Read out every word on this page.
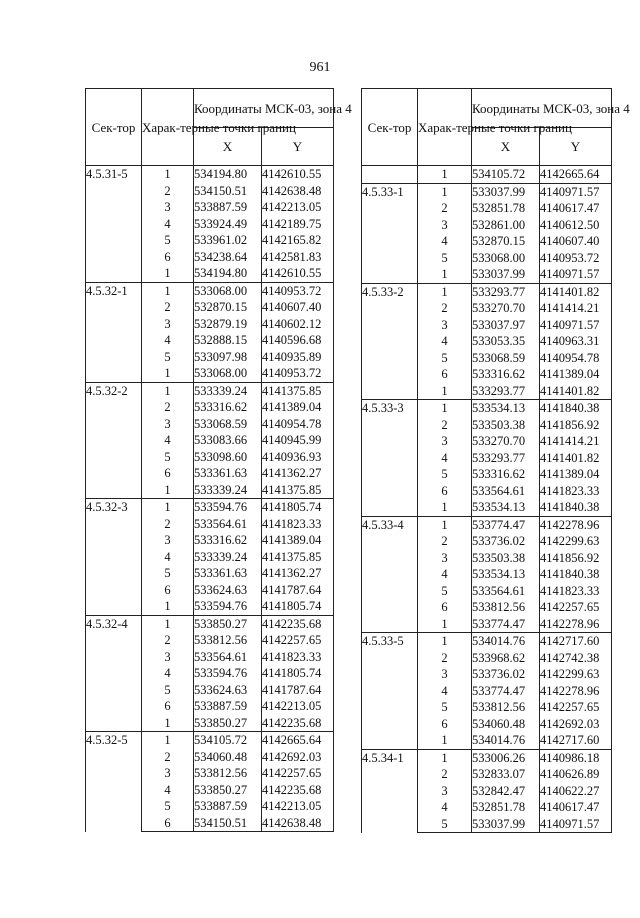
961
Сек-тор	Харак-терные точки границ	Координаты МСК-03, зона 4	
		X	Y
4.5.31-5	1	534194.80	4142610.55
	2	534150.51	4142638.48
	3	533887.59	4142213.05
	4	533924.49	4142189.75
	5	533961.02	4142165.82
	6	534238.64	4142581.83
	1	534194.80	4142610.55
4.5.32-1	1	533068.00	4140953.72
	2	532870.15	4140607.40
	3	532879.19	4140602.12
	4	532888.15	4140596.68
	5	533097.98	4140935.89
	1	533068.00	4140953.72
4.5.32-2	1	533339.24	4141375.85
	2	533316.62	4141389.04
	3	533068.59	4140954.78
	4	533083.66	4140945.99
	5	533098.60	4140936.93
	6	533361.63	4141362.27
	1	533339.24	4141375.85
4.5.32-3	1	533594.76	4141805.74
	2	533564.61	4141823.33
	3	533316.62	4141389.04
	4	533339.24	4141375.85
	5	533361.63	4141362.27
	6	533624.63	4141787.64
	1	533594.76	4141805.74
4.5.32-4	1	533850.27	4142235.68
	2	533812.56	4142257.65
	3	533564.61	4141823.33
	4	533594.76	4141805.74
	5	533624.63	4141787.64
	6	533887.59	4142213.05
	1	533850.27	4142235.68
4.5.32-5	1	534105.72	4142665.64
	2	534060.48	4142692.03
	3	533812.56	4142257.65
	4	533850.27	4142235.68
	5	533887.59	4142213.05
	6	534150.51	4142638.48
Сек-тор	Харак-терные точки границ	Координаты МСК-03, зона 4	
		X	Y
	1	534105.72	4142665.64
4.5.33-1	1	533037.99	4140971.57
	2	532851.78	4140617.47
	3	532861.00	4140612.50
	4	532870.15	4140607.40
	5	533068.00	4140953.72
	1	533037.99	4140971.57
4.5.33-2	1	533293.77	4141401.82
	2	533270.70	4141414.21
	3	533037.97	4140971.57
	4	533053.35	4140963.31
	5	533068.59	4140954.78
	6	533316.62	4141389.04
	1	533293.77	4141401.82
4.5.33-3	1	533534.13	4141840.38
	2	533503.38	4141856.92
	3	533270.70	4141414.21
	4	533293.77	4141401.82
	5	533316.62	4141389.04
	6	533564.61	4141823.33
	1	533534.13	4141840.38
4.5.33-4	1	533774.47	4142278.96
	2	533736.02	4142299.63
	3	533503.38	4141856.92
	4	533534.13	4141840.38
	5	533564.61	4141823.33
	6	533812.56	4142257.65
	1	533774.47	4142278.96
4.5.33-5	1	534014.76	4142717.60
	2	533968.62	4142742.38
	3	533736.02	4142299.63
	4	533774.47	4142278.96
	5	533812.56	4142257.65
	6	534060.48	4142692.03
	1	534014.76	4142717.60
4.5.34-1	1	533006.26	4140986.18
	2	532833.07	4140626.89
	3	532842.47	4140622.27
	4	532851.78	4140617.47
	5	533037.99	4140971.57
